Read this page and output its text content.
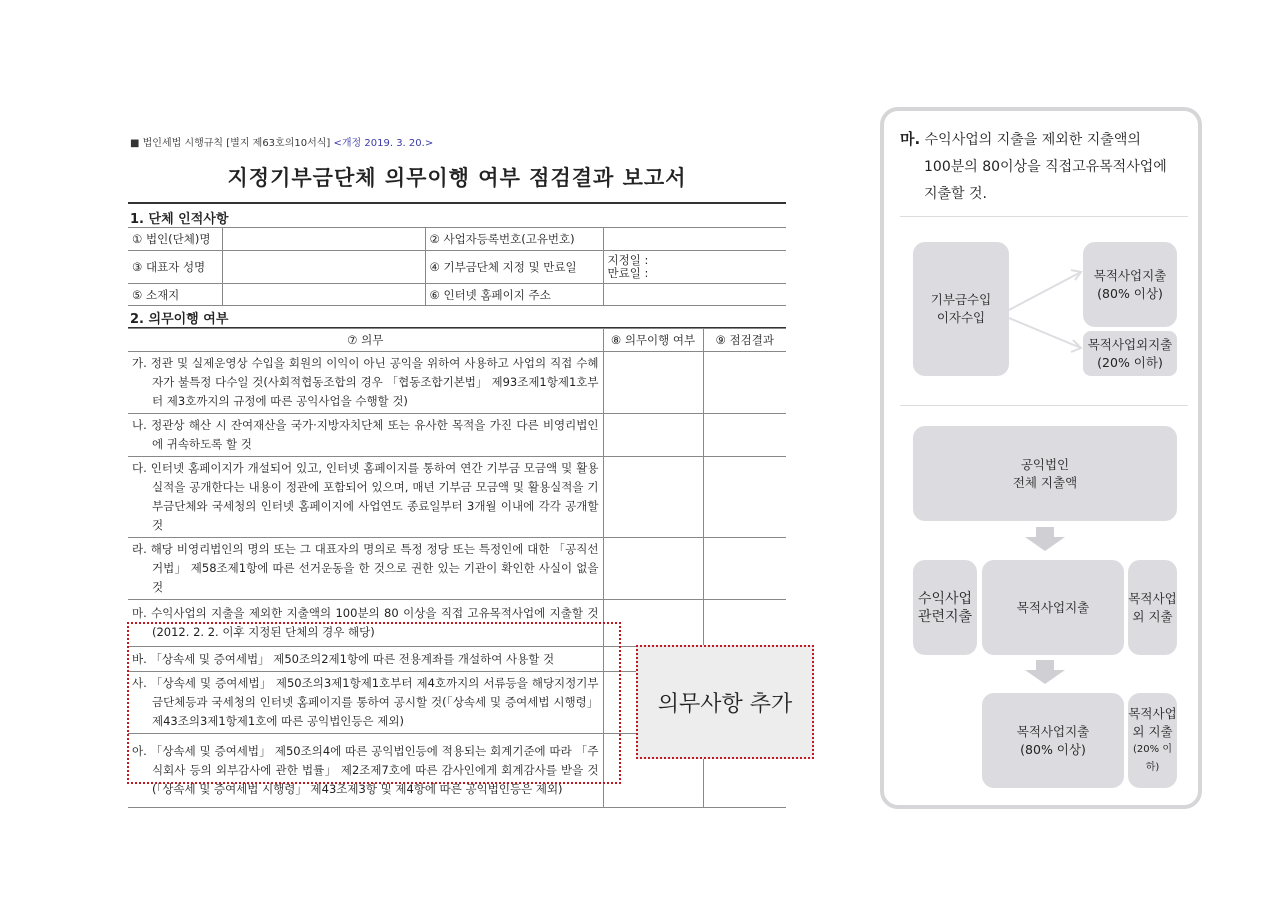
■ 법인세법 시행규칙 [별지 제63호의10서식] <개정 2019. 3. 20.>
지정기부금단체 의무이행 여부 점검결과 보고서
1. 단체 인적사항
① 법인(단체)명		② 사업자등록번호(고유번호)	
③ 대표자 성명		④ 기부금단체 지정 및 만료일	지정일 :
만료일 :

⑤ 소재지		⑥ 인터넷 홈페이지 주소	
2. 의무이행 여부
⑦ 의무	⑧ 의무이행 여부	⑨ 점검결과
가. 정관 및 실제운영상 수입을 회원의 이익이 아닌 공익을 위하여 사용하고 사업의 직접 수혜자가 불특정 다수일 것(사회적협동조합의 경우 「협동조합기본법」 제93조제1항제1호부터 제3호까지의 규정에 따른 공익사업을 수행할 것)		
나. 정관상 해산 시 잔여재산을 국가·지방자치단체 또는 유사한 목적을 가진 다른 비영리법인에 귀속하도록 할 것		
다. 인터넷 홈페이지가 개설되어 있고, 인터넷 홈페이지를 통하여 연간 기부금 모금액 및 활용실적을 공개한다는 내용이 정관에 포함되어 있으며, 매년 기부금 모금액 및 활용실적을 기부금단체와 국세청의 인터넷 홈페이지에 사업연도 종료일부터 3개월 이내에 각각 공개할 것		
라. 해당 비영리법인의 명의 또는 그 대표자의 명의로 특정 정당 또는 특정인에 대한 「공직선거법」 제58조제1항에 따른 선거운동을 한 것으로 권한 있는 기관이 확인한 사실이 없을 것		
마. 수익사업의 지출을 제외한 지출액의 100분의 80 이상을 직접 고유목적사업에 지출할 것(2012. 2. 2. 이후 지정된 단체의 경우 해당)		
바. 「상속세 및 증여세법」 제50조의2제1항에 따른 전용계좌를 개설하여 사용할 것		
사. 「상속세 및 증여세법」 제50조의3제1항제1호부터 제4호까지의 서류등을 해당지정기부금단체등과 국세청의 인터넷 홈페이지를 통하여 공시할 것(「상속세 및 증여세법 시행령」 제43조의3제1항제1호에 따른 공익법인등은 제외)		
아. 「상속세 및 증여세법」 제50조의4에 따른 공익법인등에 적용되는 회계기준에 따라 「주식회사 등의 외부감사에 관한 법률」 제2조제7호에 따른 감사인에게 회계감사를 받을 것(「상속세 및 증여세법 시행령」 제43조제3항 및 제4항에 따른 공익법인등은 제외)		
의무사항 추가
마. 수익사업의 지출을 제외한 지출액의
100분의 80이상을 직접고유목적사업에
지출할 것.
기부금수입
이자수입
목적사업지출
(80% 이상)
목적사업외지출
(20% 이하)
공익법인
전체 지출액
수익사업
관련지출
목적사업지출
목적사업
외 지출
목적사업지출
(80% 이상)
목적사업
외 지출
(20% 이하)
